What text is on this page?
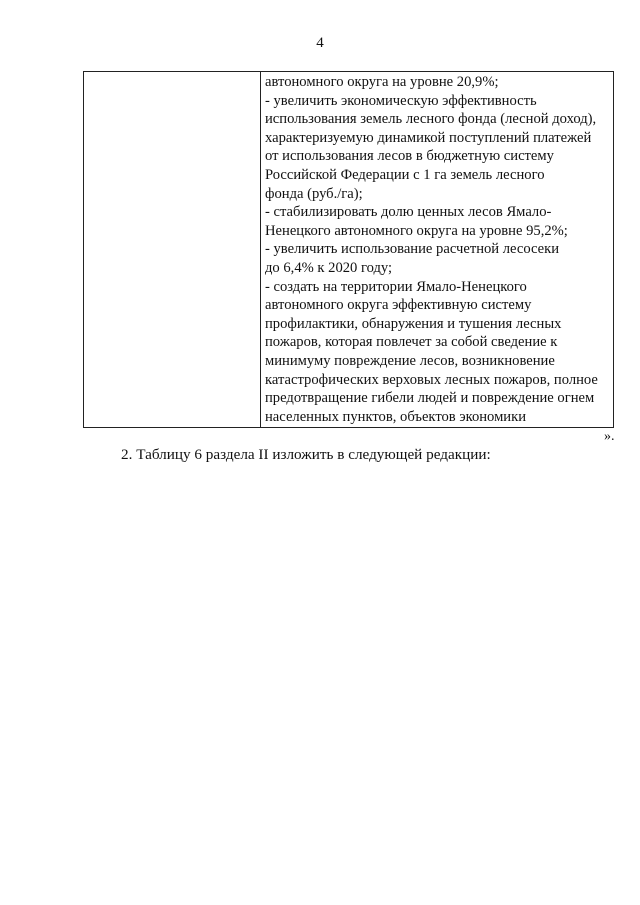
4

автономного округа на уровне 20,9%;
- увеличить экономическую эффективность
использования земель лесного фонда (лесной доход),
характеризуемую динамикой поступлений платежей
от использования лесов в бюджетную систему
Российской Федерации с 1 га земель лесного
фонда (руб./га);
- стабилизировать долю ценных лесов Ямало-
Ненецкого автономного округа на уровне 95,2%;
- увеличить использование расчетной лесосеки
до 6,4% к 2020 году;
- создать на территории Ямало-Ненецкого
автономного округа эффективную систему
профилактики, обнаружения и тушения лесных
пожаров, которая повлечет за собой сведение к
минимуму повреждение лесов, возникновение
катастрофических верховых лесных пожаров, полное
предотвращение гибели людей и повреждение огнем
населенных пунктов, объектов экономики
».
2. Таблицу 6 раздела II изложить в следующей редакции:
